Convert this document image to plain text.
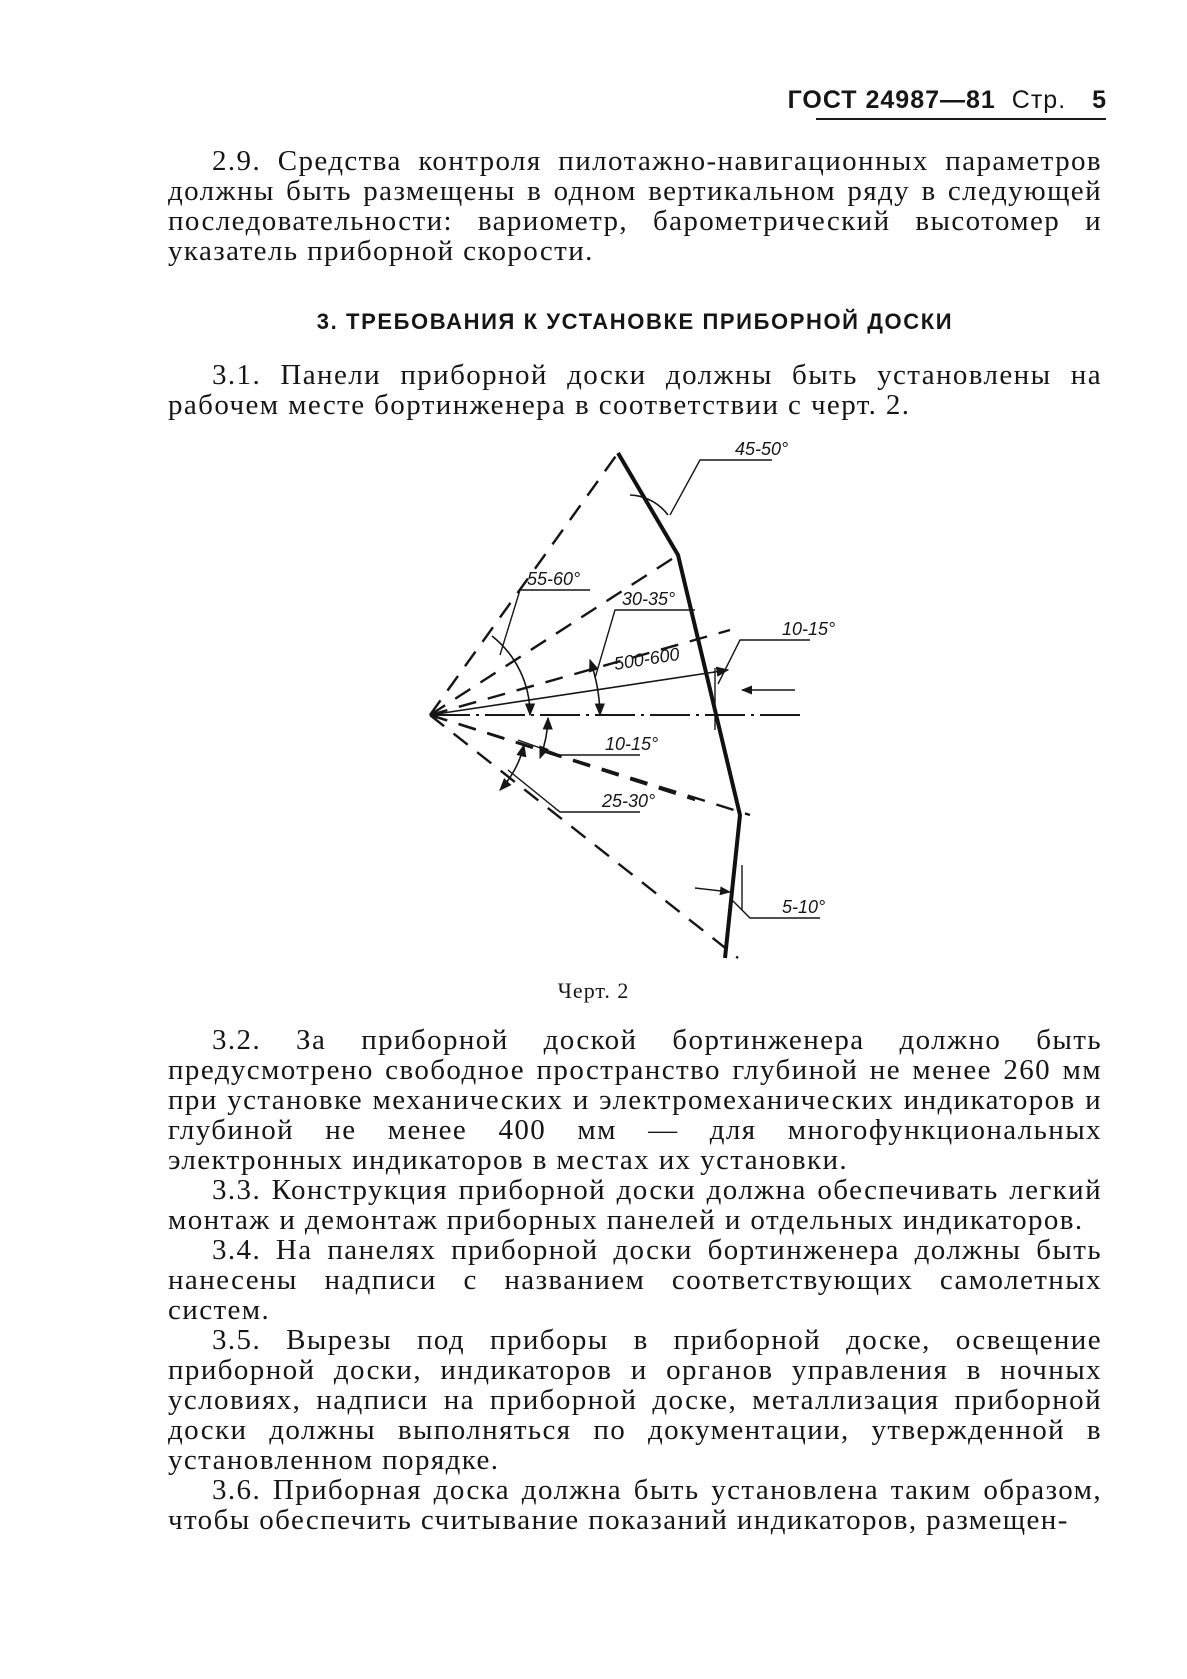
ГОСТ 24987—81 Стр. 5

2.9. Средства контроля пилотажно-навигационных параметров должны быть размещены в одном вертикальном ряду в следующей последовательности: вариометр, барометрический высотомер и указатель приборной скорости.

3. ТРЕБОВАНИЯ К УСТАНОВКЕ ПРИБОРНОЙ ДОСКИ

3.1. Панели приборной доски должны быть установлены на рабочем месте бортинженера в соответствии с черт. 2.

45-50°
55-60°
30-35°
500-600
10-15°
10-15°
25-30°
5-10°
Черт. 2

3.2. За приборной доской бортинженера должно быть предусмотрено свободное пространство глубиной не менее 260 мм при установке механических и электромеханических индикаторов и глубиной не менее 400 мм — для многофункциональных электронных индикаторов в местах их установки.

3.3. Конструкция приборной доски должна обеспечивать легкий монтаж и демонтаж приборных панелей и отдельных индикаторов.

3.4. На панелях приборной доски бортинженера должны быть нанесены надписи с названием соответствующих самолетных систем.

3.5. Вырезы под приборы в приборной доске, освещение приборной доски, индикаторов и органов управления в ночных условиях, надписи на приборной доске, металлизация приборной доски должны выполняться по документации, утвержденной в установленном порядке.

3.6. Приборная доска должна быть установлена таким образом, чтобы обеспечить считывание показаний индикаторов, размещен-
